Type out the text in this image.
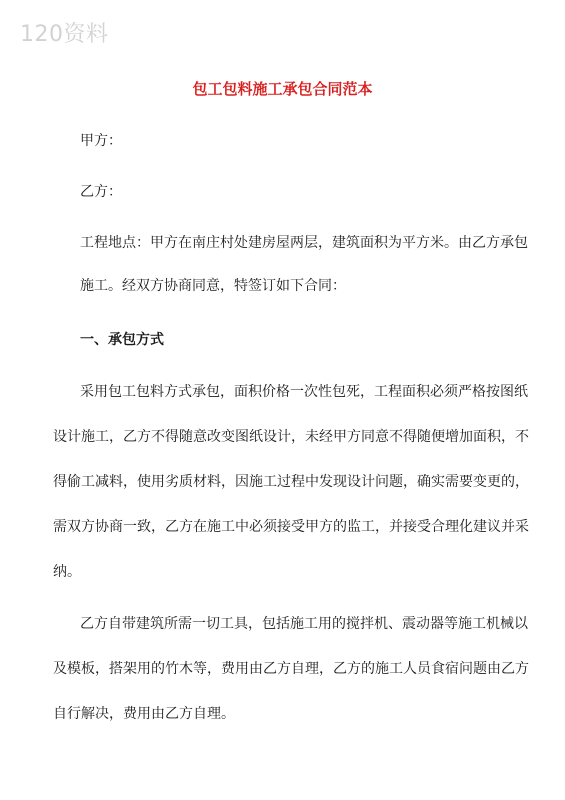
120资料
包工包料施工承包合同范本
甲方：
乙方：
工程地点：甲方在南庄村处建房屋两层，建筑面积为平方米。由乙方承包
施工。经双方协商同意，特签订如下合同：
一、承包方式
采用包工包料方式承包，面积价格一次性包死，工程面积必须严格按图纸
设计施工，乙方不得随意改变图纸设计，未经甲方同意不得随便增加面积，不
得偷工减料，使用劣质材料，因施工过程中发现设计问题，确实需要变更的，
需双方协商一致，乙方在施工中必须接受甲方的监工，并接受合理化建议并采
纳。
乙方自带建筑所需一切工具，包括施工用的搅拌机、震动器等施工机械以
及模板，搭架用的竹木等，费用由乙方自理，乙方的施工人员食宿问题由乙方
自行解决，费用由乙方自理。
